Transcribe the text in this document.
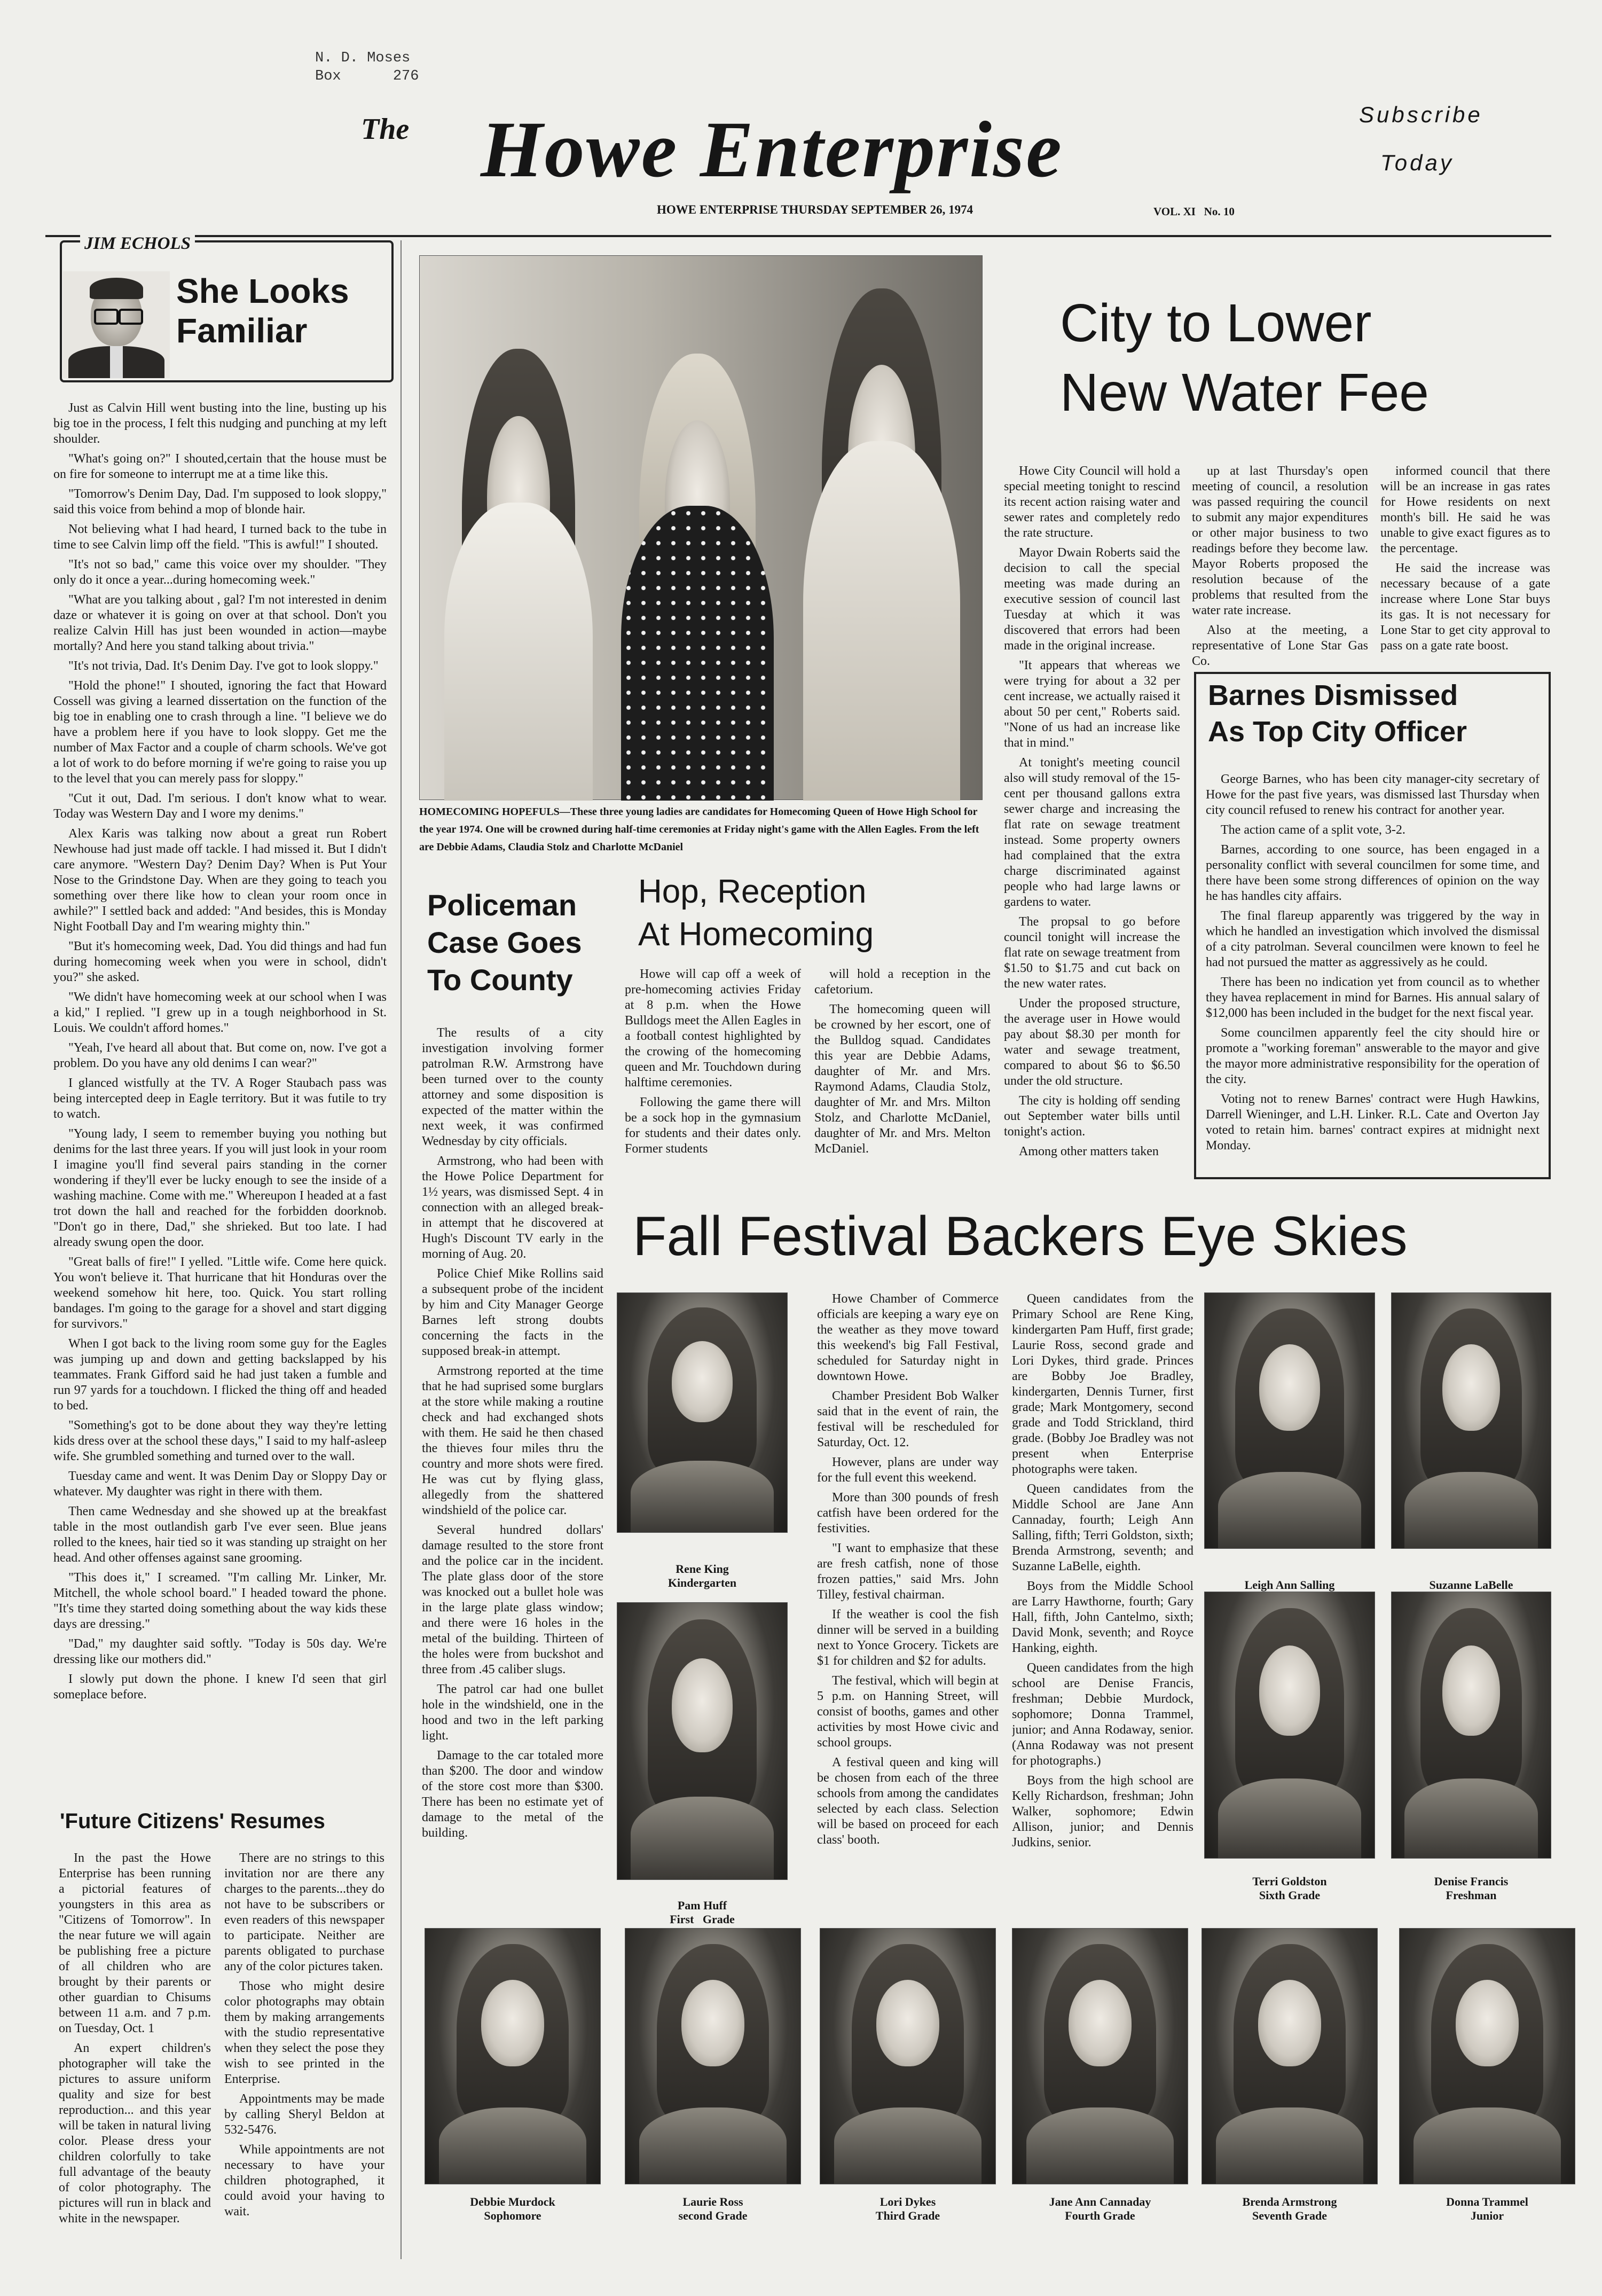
N. D. Moses
Box	276
The Howe Enterprise	Subscribe
Today
HOWE ENTERPRISE THURSDAY SEPTEMBER 26, 1974	VOL. XI   No. 10
JIM ECHOLS
She Looks
Familiar

Just as Calvin Hill went busting into the line, busting up his big toe in the process, I felt this nudging and punching at my left shoulder.

"What's going on?" I shouted,certain that the house must be on fire for someone to interrupt me at a time like this.

"Tomorrow's Denim Day, Dad. I'm supposed to look sloppy," said this voice from behind a mop of blonde hair.

Not believing what I had heard, I turned back to the tube in time to see Calvin limp off the field. "This is awful!" I shouted.

"It's not so bad," came this voice over my shoulder. "They only do it once a year...during homecoming week."

"What are you talking about , gal? I'm not interested in denim daze or whatever it is going on over at that school. Don't you realize Calvin Hill has just been wounded in action—maybe mortally? And here you stand talking about trivia."

"It's not trivia, Dad. It's Denim Day. I've got to look sloppy."

"Hold the phone!" I shouted, ignoring the fact that Howard Cossell was giving a learned dissertation on the function of the big toe in enabling one to crash through a line. "I believe we do have a problem here if you have to look sloppy. Get me the number of Max Factor and a couple of charm schools. We've got a lot of work to do before morning if we're going to raise you up to the level that you can merely pass for sloppy."

"Cut it out, Dad. I'm serious. I don't know what to wear. Today was Western Day and I wore my denims."

Alex Karis was talking now about a great run Robert Newhouse had just made off tackle. I had missed it. But I didn't care anymore. "Western Day? Denim Day? When is Put Your Nose to the Grindstone Day. When are they going to teach you something over there like how to clean your room once in awhile?" I settled back and added: "And besides, this is Monday Night Football Day and I'm wearing mighty thin."

"But it's homecoming week, Dad. You did things and had fun during homecoming week when you were in school, didn't you?" she asked.

"We didn't have homecoming week at our school when I was a kid," I replied. "I grew up in a tough neighborhood in St. Louis. We couldn't afford homes."

"Yeah, I've heard all about that. But come on, now. I've got a problem. Do you have any old denims I can wear?"

I glanced wistfully at the TV. A Roger Staubach pass was being intercepted deep in Eagle territory. But it was futile to try to watch.

"Young lady, I seem to remember buying you nothing but denims for the last three years. If you will just look in your room I imagine you'll find several pairs standing in the corner wondering if they'll ever be lucky enough to see the inside of a washing machine. Come with me." Whereupon I headed at a fast trot down the hall and reached for the forbidden doorknob. "Don't go in there, Dad," she shrieked. But too late. I had already swung open the door.

"Great balls of fire!" I yelled. "Little wife. Come here quick. You won't believe it. That hurricane that hit Honduras over the weekend somehow hit here, too. Quick. You start rolling bandages. I'm going to the garage for a shovel and start digging for survivors."

When I got back to the living room some guy for the Eagles was jumping up and down and getting backslapped by his teammates. Frank Gifford said he had just taken a fumble and run 97 yards for a touchdown. I flicked the thing off and headed to bed.

"Something's got to be done about they way they're letting kids dress over at the school these days," I said to my half-asleep wife. She grumbled something and turned over to the wall.

Tuesday came and went. It was Denim Day or Sloppy Day or whatever. My daughter was right in there with them.

Then came Wednesday and she showed up at the breakfast table in the most outlandish garb I've ever seen. Blue jeans rolled to the knees, hair tied so it was standing up straight on her head. And other offenses against sane grooming.

"This does it," I screamed. "I'm calling Mr. Linker, Mr. Mitchell, the whole school board." I headed toward the phone. "It's time they started doing something about the way kids these days are dressing."

"Dad," my daughter said softly. "Today is 50s day. We're dressing like our mothers did."

I slowly put down the phone. I knew I'd seen that girl someplace before.

'Future Citizens' Resumes

In the past the Howe Enterprise has been running a pictorial features of youngsters in this area as "Citizens of Tomorrow". In the near future we will again be publishing free a picture of all children who are brought by their parents or other guardian to Chisums between 11 a.m. and 7 p.m. on Tuesday, Oct. 1

An expert children's photographer will take the pictures to assure uniform quality and size for best reproduction... and this year will be taken in natural living color. Please dress your children colorfully to take full advantage of the beauty of color photography. The pictures will run in black and white in the newspaper.

There are no strings to this invitation nor are there any charges to the parents...they do not have to be subscribers or even readers of this newspaper to participate. Neither are parents obligated to purchase any of the color pictures taken.

Those who might desire color photographs may obtain them by making arrangements with the studio representative when they select the pose they wish to see printed in the Enterprise.

Appointments may be made by calling Sheryl Beldon at 532-5476.

While appointments are not necessary to have your children photographed, it could avoid your having to wait.

HOMECOMING HOPEFULS—These three young ladies are candidates for Homecoming Queen of Howe High School for the year 1974. One will be crowned during half-time ceremonies at Friday night's game with the Allen Eagles. From the left are Debbie Adams, Claudia Stolz and Charlotte McDaniel
City to Lower
New Water Fee

Howe City Council will hold a special meeting tonight to rescind its recent action raising water and sewer rates and completely redo the rate structure.

Mayor Dwain Roberts said the decision to call the special meeting was made during an executive session of council last Tuesday at which it was discovered that errors had been made in the original increase.

"It appears that whereas we were trying for about a 32 per cent increase, we actually raised it about 50 per cent," Roberts said. "None of us had an increase like that in mind."

At tonight's meeting council also will study removal of the 15-cent per thousand gallons extra sewer charge and increasing the flat rate on sewage treatment instead. Some property owners had complained that the extra charge discriminated against people who had large lawns or gardens to water.

The propsal to go before council tonight will increase the flat rate on sewage treatment from $1.50 to $1.75 and cut back on the new water rates.

Under the proposed structure, the average user in Howe would pay about $8.30 per month for water and sewage treatment, compared to about $6 to $6.50 under the old structure.

The city is holding off sending out September water bills until tonight's action.

Among other matters taken

up at last Thursday's open meeting of council, a resolution was passed requiring the council to submit any major expenditures or other major business to two readings before they become law. Mayor Roberts proposed the resolution because of the problems that resulted from the water rate increase.

Also at the meeting, a representative of Lone Star Gas Co.

informed council that there will be an increase in gas rates for Howe residents on next month's bill. He said he was unable to give exact figures as to the percentage.

He said the increase was necessary because of a gate increase where Lone Star buys its gas. It is not necessary for Lone Star to get city approval to pass on a gate rate boost.

Barnes Dismissed
As Top City Officer

George Barnes, who has been city manager-city secretary of Howe for the past five years, was dismissed last Thursday when city council refused to renew his contract for another year.

The action came of a split vote, 3-2.

Barnes, according to one source, has been engaged in a personality conflict with several councilmen for some time, and there have been some strong differences of opinion on the way he has handles city affairs.

The final flareup apparently was triggered by the way in which he handled an investigation which involved the dismissal of a city patrolman. Several councilmen were known to feel he had not pursued the matter as aggressively as he could.

There has been no indication yet from council as to whether they havea replacement in mind for Barnes. His annual salary of $12,000 has been included in the budget for the next fiscal year.

Some councilmen apparently feel the city should hire or promote a "working foreman" answerable to the mayor and give the mayor more administrative responsibility for the operation of the city.

Voting not to renew Barnes' contract were Hugh Hawkins, Darrell Wieninger, and L.H. Linker. R.L. Cate and Overton Jay voted to retain him. barnes' contract expires at midnight next Monday.

Policeman
Case Goes
To County

The results of a city investigation involving former patrolman R.W. Armstrong have been turned over to the county attorney and some disposition is expected of the matter within the next week, it was confirmed Wednesday by city officials.

Armstrong, who had been with the Howe Police Department for 1½ years, was dismissed Sept. 4 in connection with an alleged break-in attempt that he discovered at Hugh's Discount TV early in the morning of Aug. 20.

Police Chief Mike Rollins said a subsequent probe of the incident by him and City Manager George Barnes left strong doubts concerning the facts in the supposed break-in attempt.

Armstrong reported at the time that he had suprised some burglars at the store while making a routine check and had exchanged shots with them. He said he then chased the thieves four miles thru the country and more shots were fired. He was cut by flying glass, allegedly from the shattered windshield of the police car.

Several hundred dollars' damage resulted to the store front and the police car in the incident. The plate glass door of the store was knocked out a bullet hole was in the large plate glass window; and there were 16 holes in the metal of the building. Thirteen of the holes were from buckshot and three from .45 caliber slugs.

The patrol car had one bullet hole in the windshield, one in the hood and two in the left parking light.

Damage to the car totaled more than $200. The door and window of the store cost more than $300. There has been no estimate yet of damage to the metal of the building.

Hop, Reception
At Homecoming

Howe will cap off a week of pre-homecoming activies Friday at 8 p.m. when the Howe Bulldogs meet the Allen Eagles in a football contest highlighted by the crowing of the homecoming queen and Mr. Touchdown during halftime ceremonies.

Following the game there will be a sock hop in the gymnasium for students and their dates only. Former students

will hold a reception in the cafetorium.

The homecoming queen will be crowned by her escort, one of the Bulldog squad. Candidates this year are Debbie Adams, daughter of Mr. and Mrs. Raymond Adams, Claudia Stolz, daughter of Mr. and Mrs. Milton Stolz, and Charlotte McDaniel, daughter of Mr. and Mrs. Melton McDaniel.

Fall Festival Backers Eye Skies

Howe Chamber of Commerce officials are keeping a wary eye on the weather as they move toward this weekend's big Fall Festival, scheduled for Saturday night in downtown Howe.

Chamber President Bob Walker said that in the event of rain, the festival will be rescheduled for Saturday, Oct. 12.

However, plans are under way for the full event this weekend.

More than 300 pounds of fresh catfish have been ordered for the festivities.

"I want to emphasize that these are fresh catfish, none of those frozen patties," said Mrs. John Tilley, festival chairman.

If the weather is cool the fish dinner will be served in a building next to Yonce Grocery. Tickets are $1 for children and $2 for adults.

The festival, which will begin at 5 p.m. on Hanning Street, will consist of booths, games and other activities by most Howe civic and school groups.

A festival queen and king will be chosen from each of the three schools from among the candidates selected by each class. Selection will be based on proceed for each class' booth.

Queen candidates from the Primary School are Rene King, kindergarten Pam Huff, first grade; Laurie Ross, second grade and Lori Dykes, third grade. Princes are Bobby Joe Bradley, kindergarten, Dennis Turner, first grade; Mark Montgomery, second grade and Todd Strickland, third grade. (Bobby Joe Bradley was not present when Enterprise photographs were taken.

Queen candidates from the Middle School are Jane Ann Cannaday, fourth; Leigh Ann Salling, fifth; Terri Goldston, sixth; Brenda Armstrong, seventh; and Suzanne LaBelle, eighth.

Boys from the Middle School are Larry Hawthorne, fourth; Gary Hall, fifth, John Cantelmo, sixth; David Monk, seventh; and Royce Hanking, eighth.

Queen candidates from the high school are Denise Francis, freshman; Debbie Murdock, sophomore; Donna Trammel, junior; and Anna Rodaway, senior. (Anna Rodaway was not present for photographs.)

Boys from the high school are Kelly Richardson, freshman; John Walker, sophomore; Edwin Allison, junior; and Dennis Judkins, senior.

Rene King
Kindergarten
Pam Huff
First   Grade
Leigh Ann Salling	Suzanne LaBelle
Terri Goldston
Sixth Grade
Denise Francis
Freshman
Debbie Murdock
Sophomore
Laurie Ross
second Grade
Lori Dykes
Third Grade
Jane Ann Cannaday
Fourth Grade
Brenda Armstrong
Seventh Grade
Donna Trammel
Junior
